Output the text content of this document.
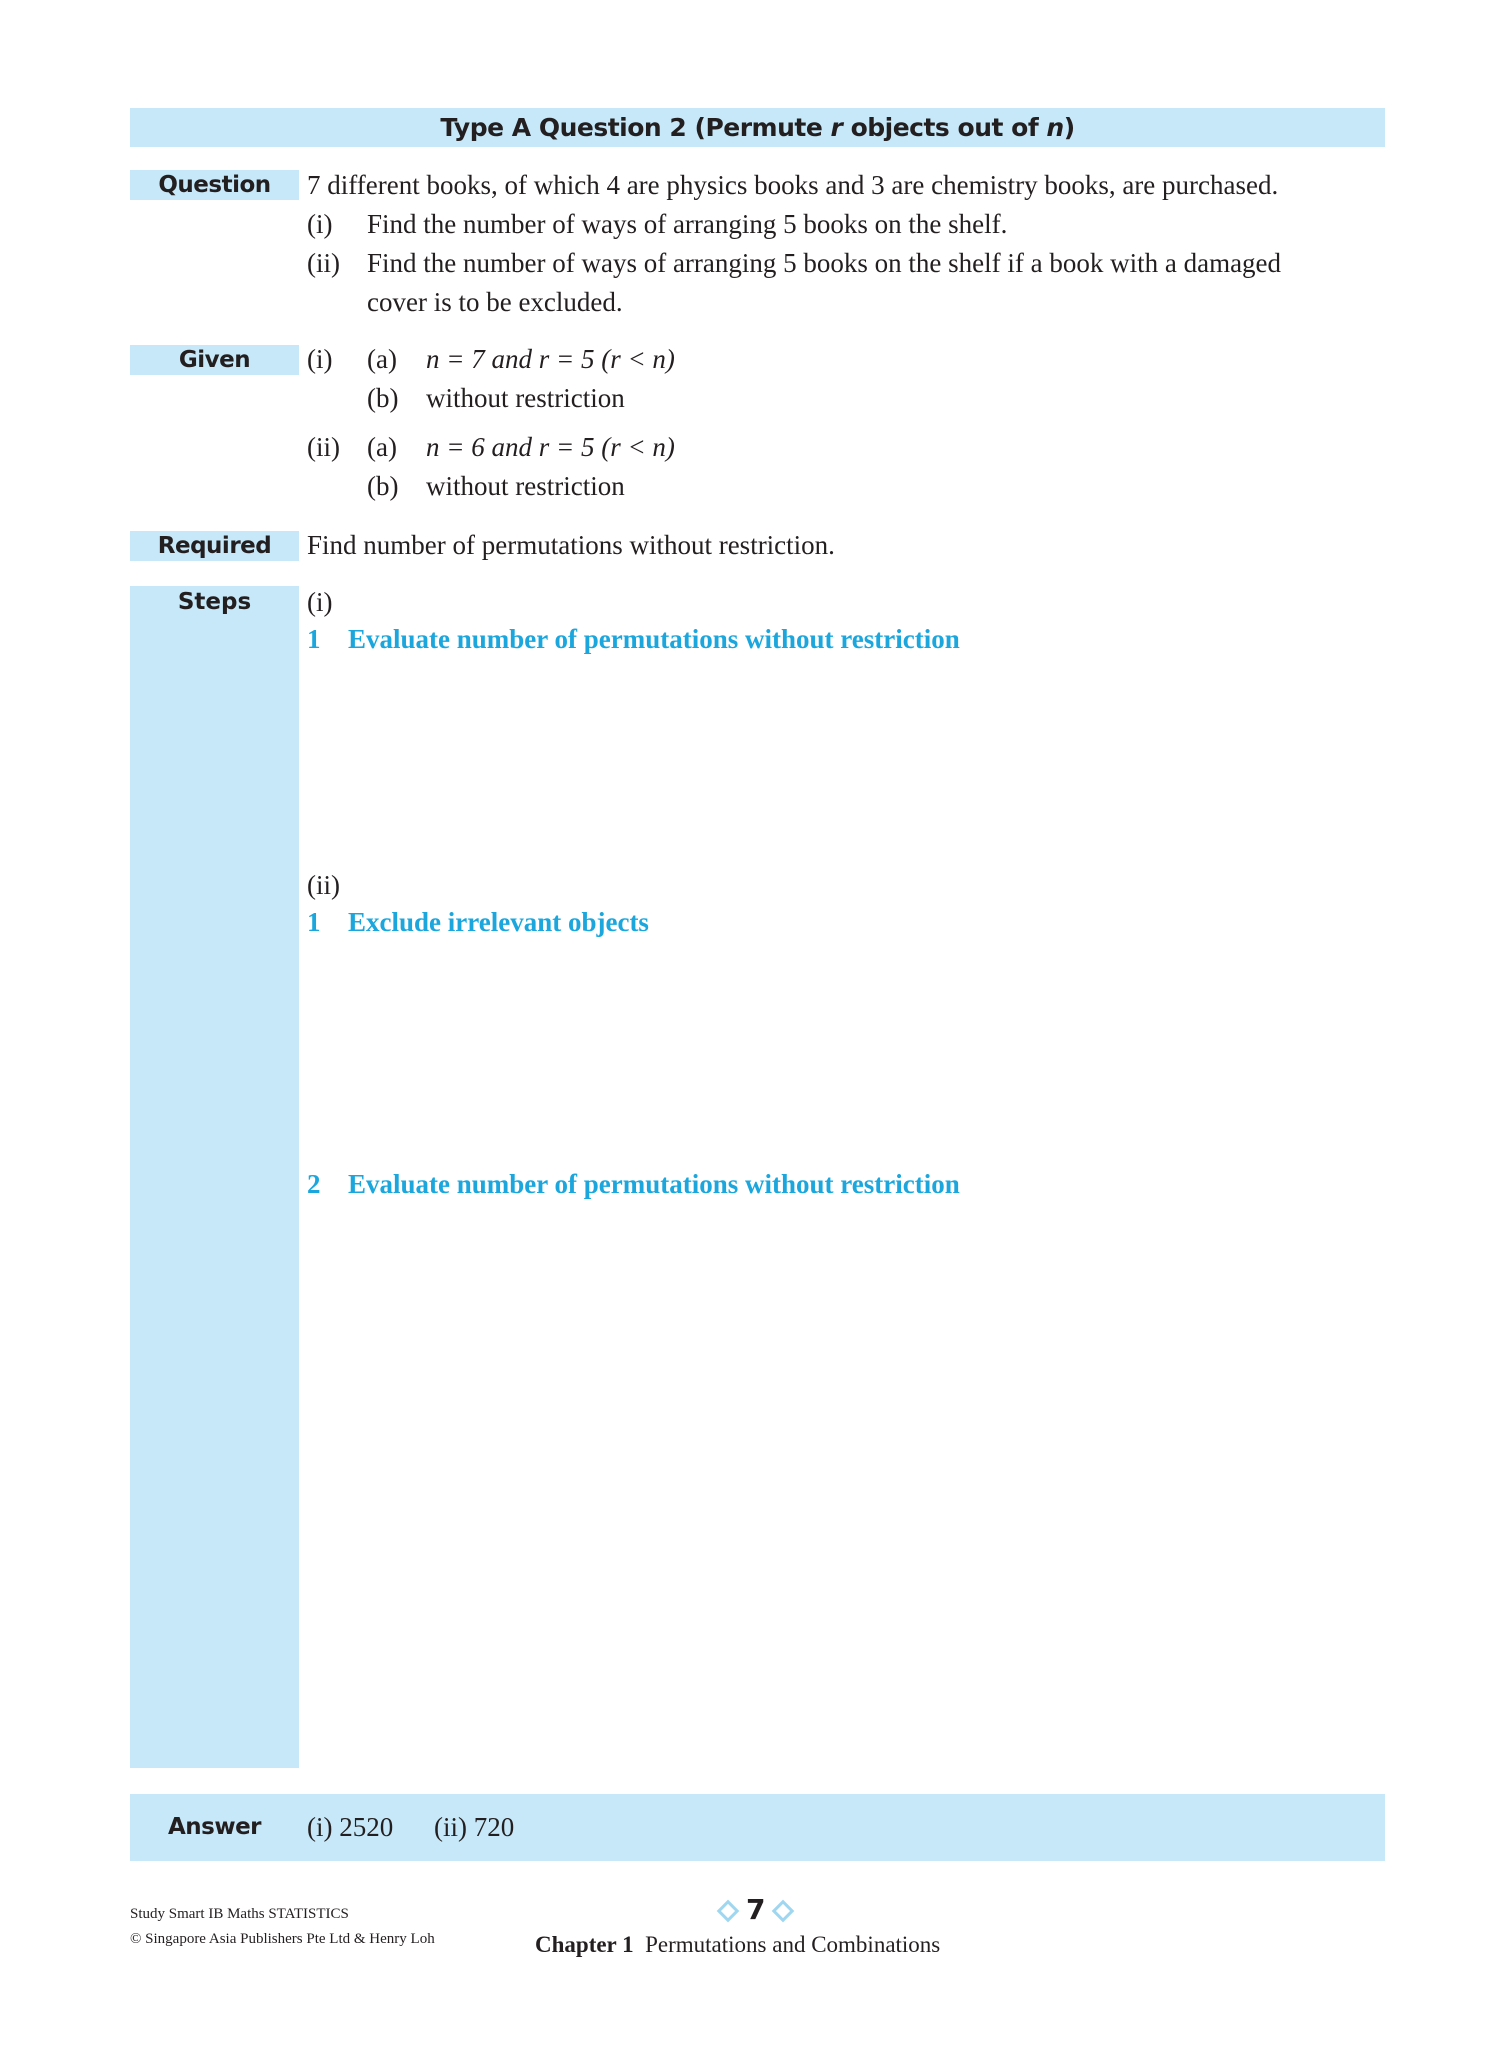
Type A Question 2 (Permute r objects out of n)
Question	7 different books, of which 4 are physics books and 3 are chemistry books, are purchased.
(i) Find the number of ways of arranging 5 books on the shelf.
(ii) Find the number of ways of arranging 5 books on the shelf if a book with a damaged
cover is to be excluded.
Given	(i) (a) n = 7 and r = 5 (r < n)
(b) without restriction
(ii) (a) n = 6 and r = 5 (r < n)
(b) without restriction
Required	Find number of permutations without restriction.
Steps	(i)
1 Evaluate number of permutations without restriction
(ii)
1 Exclude irrelevant objects
2 Evaluate number of permutations without restriction
Answer	(i) 2520 (ii) 720
Study Smart IB Maths STATISTICS
© Singapore Asia Publishers Pte Ltd & Henry Loh
7
Chapter 1 Permutations and Combinations
